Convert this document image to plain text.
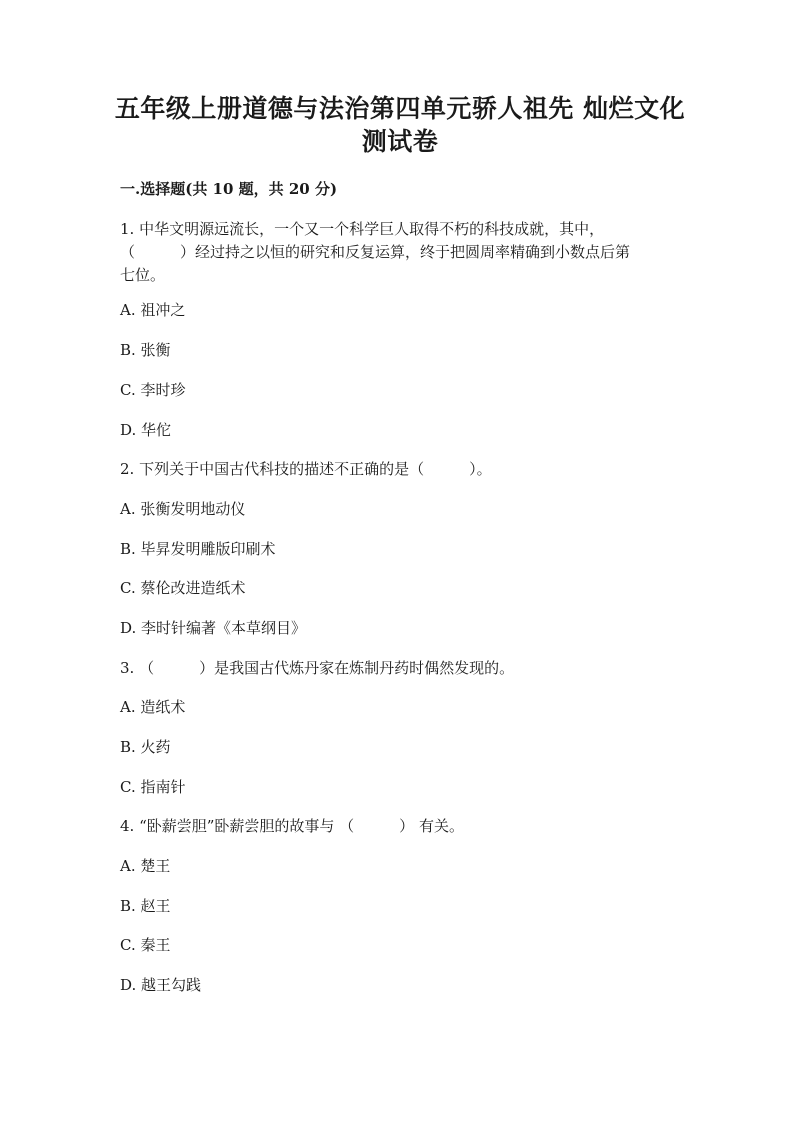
五年级上册道德与法治第四单元骄人祖先 灿烂文化
测试卷
一.选择题(共 10 题，共 20 分)
1. 中华文明源远流长，一个又一个科学巨人取得不朽的科技成就，其中，
（　　　）经过持之以恒的研究和反复运算，终于把圆周率精确到小数点后第
七位。
A. 祖冲之
B. 张衡
C. 李时珍
D. 华佗
2. 下列关于中国古代科技的描述不正确的是（　　　）。
A. 张衡发明地动仪
B. 毕昇发明雕版印刷术
C. 蔡伦改进造纸术
D. 李时针编著《本草纲目》
3. （　　　）是我国古代炼丹家在炼制丹药时偶然发现的。
A. 造纸术
B. 火药
C. 指南针
4. “卧薪尝胆”卧薪尝胆的故事与 （　　　） 有关。
A. 楚王
B. 赵王
C. 秦王
D. 越王勾践
